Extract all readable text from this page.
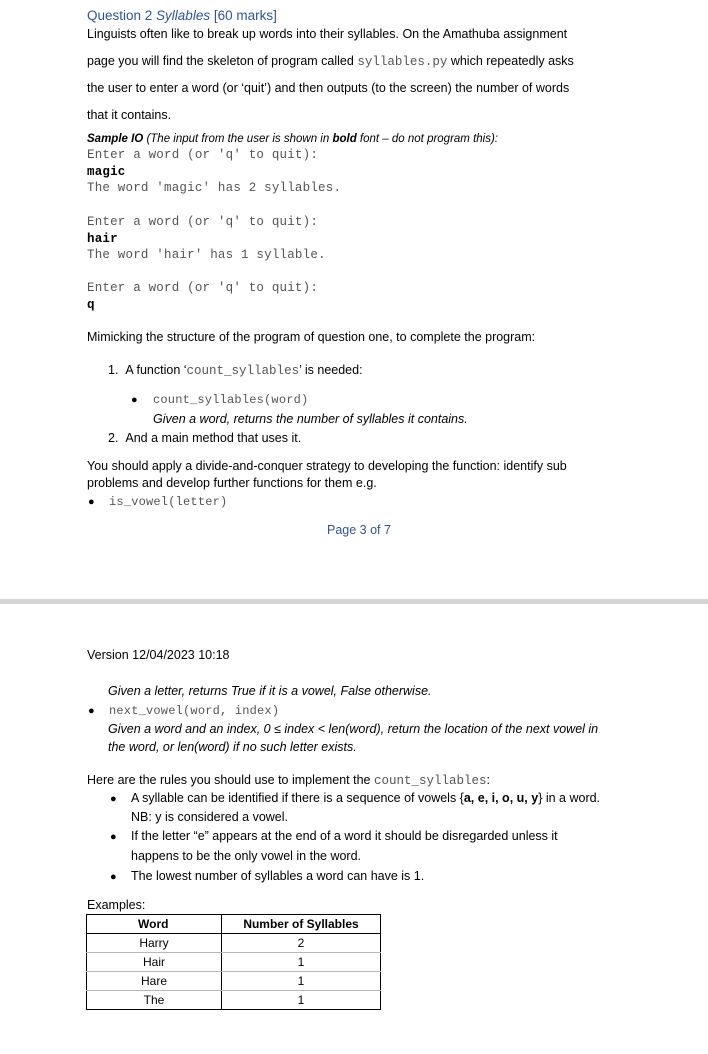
Question 2 Syllables [60 marks]
Linguists often like to break up words into their syllables. On the Amathuba assignment
page you will find the skeleton of program called syllables.py which repeatedly asks
the user to enter a word (or ‘quit’) and then outputs (to the screen) the number of words
that it contains.
Sample IO (The input from the user is shown in bold font – do not program this):
Enter a word (or 'q' to quit):
magic
The word 'magic' has 2 syllables.
Enter a word (or 'q' to quit):
hair
The word 'hair' has 1 syllable.
Enter a word (or 'q' to quit):
q
Mimicking the structure of the program of question one, to complete the program:
1. A function ‘count_syllables’ is needed:
● count_syllables(word)
Given a word, returns the number of syllables it contains.
2. And a main method that uses it.
You should apply a divide-and-conquer strategy to developing the function: identify sub
problems and develop further functions for them e.g.
● is_vowel(letter)
Page 3 of 7
Version 12/04/2023 10:18
Given a letter, returns True if it is a vowel, False otherwise.
● next_vowel(word, index)
Given a word and an index, 0 ≤ index < len(word), return the location of the next vowel in
the word, or len(word) if no such letter exists.
Here are the rules you should use to implement the count_syllables:
● A syllable can be identified if there is a sequence of vowels {a, e, i, o, u, y} in a word.
NB: y is considered a vowel.
● If the letter “e” appears at the end of a word it should be disregarded unless it
happens to be the only vowel in the word.
● The lowest number of syllables a word can have is 1.
Examples:
Word	Number of Syllables
Harry	2
Hair	1
Hare	1
The	1
